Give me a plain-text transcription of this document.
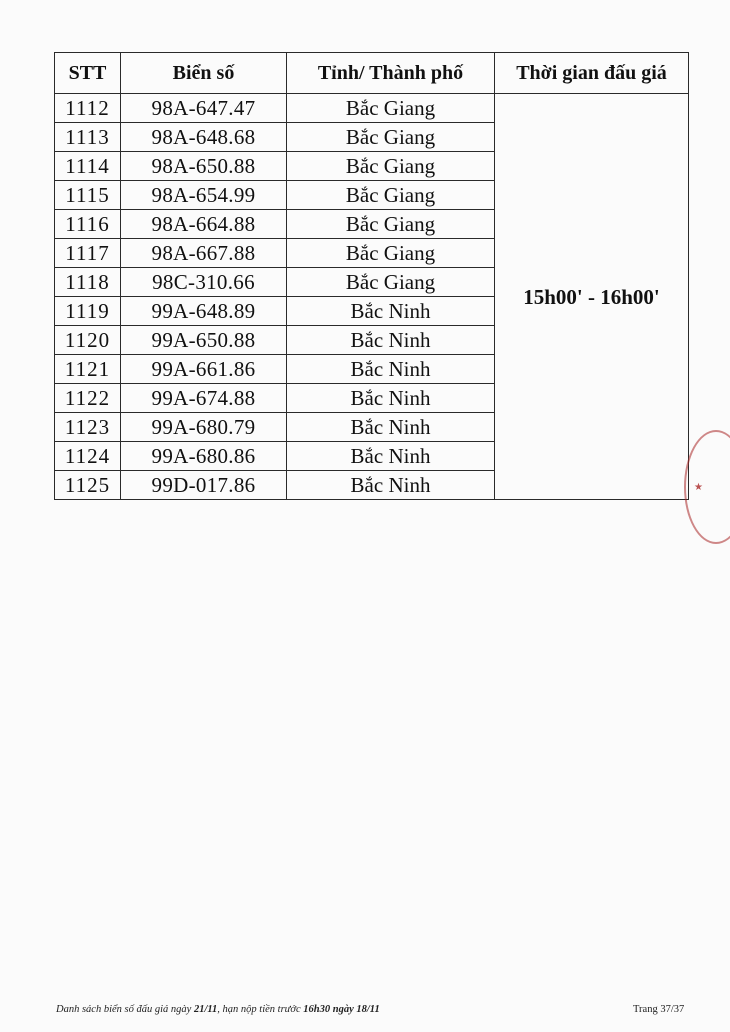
STT	Biển số	Tỉnh/ Thành phố	Thời gian đấu giá
1112	98A-647.47	Bắc Giang	15h00' - 16h00'
1113	98A-648.68	Bắc Giang	
1114	98A-650.88	Bắc Giang	
1115	98A-654.99	Bắc Giang	
1116	98A-664.88	Bắc Giang	
1117	98A-667.88	Bắc Giang	
1118	98C-310.66	Bắc Giang	
1119	99A-648.89	Bắc Ninh	
1120	99A-650.88	Bắc Ninh	
1121	99A-661.86	Bắc Ninh	
1122	99A-674.88	Bắc Ninh	
1123	99A-680.79	Bắc Ninh	
1124	99A-680.86	Bắc Ninh	
1125	99D-017.86	Bắc Ninh		★
Danh sách biển số đấu giá ngày 21/11, hạn nộp tiền trước 16h30 ngày 18/11	Trang 37/37
